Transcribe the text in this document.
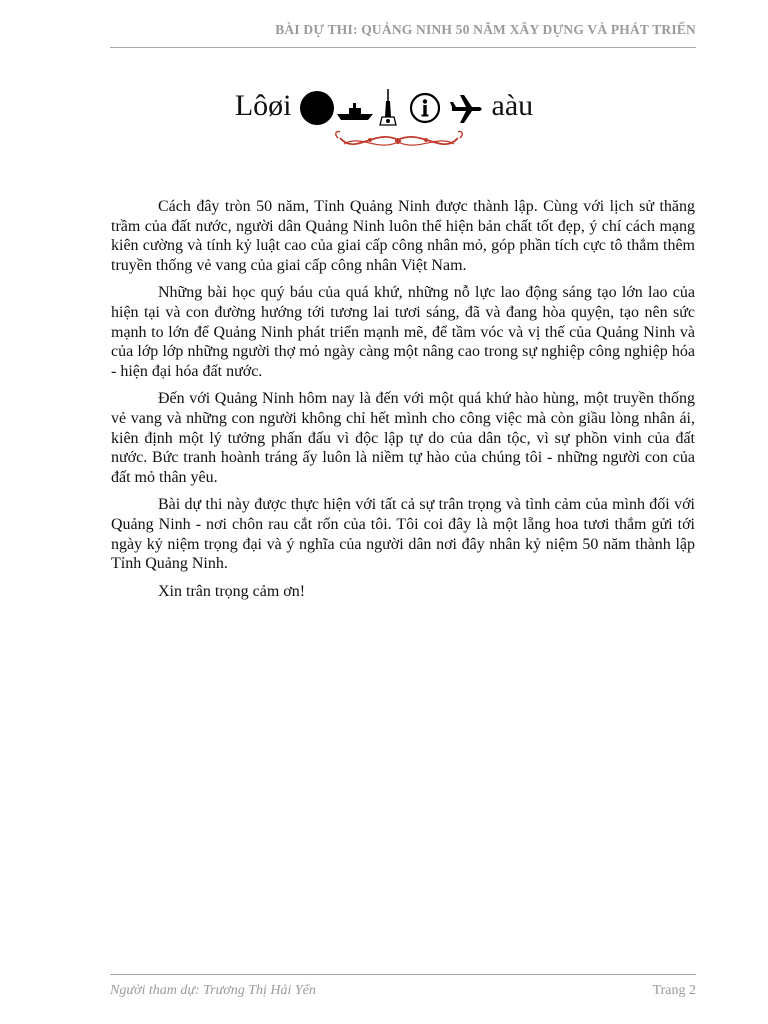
BÀI DỰ THI: QUẢNG NINH 50 NĂM XÂY DỰNG VÀ PHÁT TRIỂN
Lôøi	aàu

Cách đây tròn 50 năm, Tỉnh Quảng Ninh được thành lập. Cùng với lịch sử thăng trầm của đất nước, người dân Quảng Ninh luôn thể hiện bản chất tốt đẹp, ý chí cách mạng kiên cường và tính kỷ luật cao của giai cấp công nhân mỏ, góp phần tích cực tô thắm thêm truyền thống vẻ vang của giai cấp công nhân Việt Nam.

Những bài học quý báu của quá khứ, những nỗ lực lao động sáng tạo lớn lao của hiện tại và con đường hướng tới tương lai tươi sáng, đã và đang hòa quyện, tạo nên sức mạnh to lớn để Quảng Ninh phát triển mạnh mẽ, để tầm vóc và vị thế của Quảng Ninh và của lớp lớp những người thợ mỏ ngày càng một nâng cao trong sự nghiệp công nghiệp hóa - hiện đại hóa đất nước.

Đến với Quảng Ninh hôm nay là đến với một quá khứ hào hùng, một truyền thống vẻ vang và những con người không chỉ hết mình cho công việc mà còn giầu lòng nhân ái, kiên định một lý tưởng phấn đấu vì độc lập tự do của dân tộc, vì sự phồn vinh của đất nước. Bức tranh hoành tráng ấy luôn là niềm tự hào của chúng tôi - những người con của đất mỏ thân yêu.

Bài dự thi này được thực hiện với tất cả sự trân trọng và tình cảm của mình đối với Quảng Ninh - nơi chôn rau cắt rốn của tôi. Tôi coi đây là một lẵng hoa tươi thắm gửi tới ngày kỷ niệm trọng đại và ý nghĩa của người dân nơi đây nhân kỷ niệm 50 năm thành lập Tỉnh Quảng Ninh.

Xin trân trọng cảm ơn!

Người tham dự: Trương Thị Hải Yến	Trang 2
